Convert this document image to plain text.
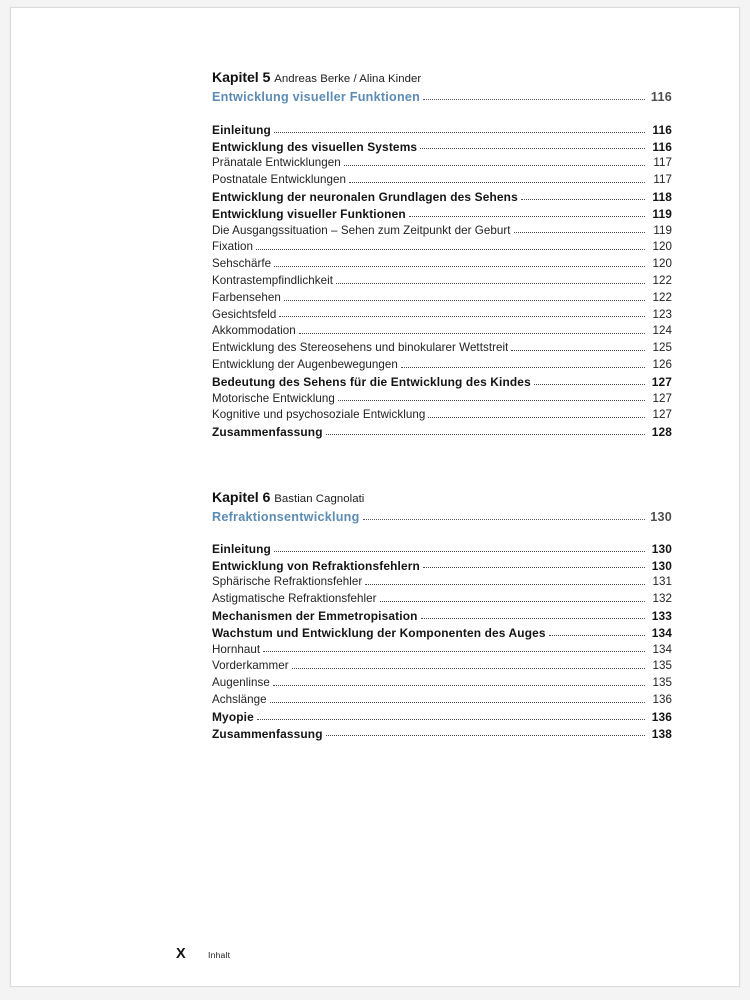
Kapitel 5 Andreas Berke / Alina Kinder
Entwicklung visueller Funktionen	116
Einleitung	116
Entwicklung des visuellen Systems	116
Pränatale Entwicklungen	117
Postnatale Entwicklungen	117
Entwicklung der neuronalen Grundlagen des Sehens	118
Entwicklung visueller Funktionen	119
Die Ausgangssituation – Sehen zum Zeitpunkt der Geburt	119
Fixation	120
Sehschärfe	120
Kontrastempfindlichkeit	122
Farbensehen	122
Gesichtsfeld	123
Akkommodation	124
Entwicklung des Stereosehens und binokularer Wettstreit	125
Entwicklung der Augenbewegungen	126
Bedeutung des Sehens für die Entwicklung des Kindes	127
Motorische Entwicklung	127
Kognitive und psychosoziale Entwicklung	127
Zusammenfassung	128
Kapitel 6 Bastian Cagnolati
Refraktionsentwicklung	130
Einleitung	130
Entwicklung von Refraktionsfehlern	130
Sphärische Refraktionsfehler	131
Astigmatische Refraktionsfehler	132
Mechanismen der Emmetropisation	133
Wachstum und Entwicklung der Komponenten des Auges	134
Hornhaut	134
Vorderkammer	135
Augenlinse	135
Achslänge	136
Myopie	136
Zusammenfassung	138
X	Inhalt
